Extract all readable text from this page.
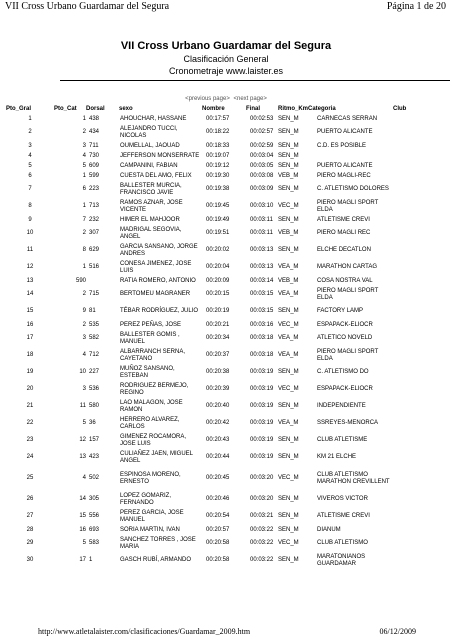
VII Cross Urbano Guardamar del Segura	Página 1 de 20
VII Cross Urbano Guardamar del Segura
Clasificación General
Cronometraje www.laister.es
<previous page> <next page>
Pto_Gral	Pto_Cat	Dorsal	sexo	Nombre	Final	Ritmo_Km	Categoria	Club
1	1	438	AHOUCHAR, HASSANE	00:17:57	00:02:53	SEN_M	CARNECAS SERRAN	
2	2	434	ALEJANDRO TUCCI, NICOLAS	00:18:22	00:02:57	SEN_M	PUERTO ALICANTE	
3	3	711	OUMELLAL, JAOUAD	00:18:33	00:02:59	SEN_M	C.D. ES POSIBLE	
4	4	730	JEFFERSON MONSERRATE	00:19:07	00:03:04	SEN_M		
5	5	609	CAMPANINI, FABIAN	00:19:12	00:03:05	SEN_M	PUERTO ALICANTE	
6	1	599	CUESTA DEL AMO, FELIX	00:19:30	00:03:08	VEB_M	PIERO MAGLI-REC	
7	6	223	BALLESTER MURCIA, FRANCISCO JAVIE	00:19:38	00:03:09	SEN_M	C. ATLETISMO DOLORES	
8	1	713	RAMOS AZNAR, JOSE VICENTE	00:19:45	00:03:10	VEC_M	PIERO MAGLI SPORT ELDA	
9	7	232	HIMER EL MAHJOOR	00:19:49	00:03:11	SEN_M	ATLETISME CREVI	
10	2	307	MADRIGAL SEGOVIA, ANGEL	00:19:51	00:03:11	VEB_M	PIERO MAGLI REC	
11	8	629	GARCIA SANSANO, JORGE ANDRES	00:20:02	00:03:13	SEN_M	ELCHE DECATLON	
12	1	516	CONESA JIMENEZ, JOSE LUIS	00:20:04	00:03:13	VEA_M	MARATHON CARTAG	
13	590		RATIA ROMERO, ANTONIO	00:20:09	00:03:14	VEB_M	COSA NOSTRA VAL	
14	2	715	BERTOMEU MAGRANER	00:20:15	00:03:15	VEA_M	PIERO MAGLI SPORT ELDA	
15	9	81	TÉBAR RODRÍGUEZ, JULIO	00:20:19	00:03:15	SEN_M	FACTORY LAMP	
16	2	535	PEREZ PEÑAS, JOSE	00:20:21	00:03:16	VEC_M	ESPAPACK-ELIOCR	
17	3	582	BALLESTER GOMIS , MANUEL	00:20:34	00:03:18	VEA_M	ATLETICO NOVELD	
18	4	712	ALBARRANCH SERNA, CAYETANO	00:20:37	00:03:18	VEA_M	PIERO MAGLI SPORT ELDA	
19	10	227	MUÑOZ SANSANO, ESTEBAN	00:20:38	00:03:19	SEN_M	C. ATLETISMO DO	
20	3	536	RODRIGUEZ BERMEJO, REGINO	00:20:39	00:03:19	VEC_M	ESPAPACK-ELIOCR	
21	11	580	LAO MALAGON, JOSE RAMON	00:20:40	00:03:19	SEN_M	INDEPENDIENTE	
22	5	36	HERRERO ALVAREZ, CARLOS	00:20:42	00:03:19	VEA_M	SSREYES-MENORCA	
23	12	157	GIMENEZ ROCAMORA, JOSE LUIS	00:20:43	00:03:19	SEN_M	CLUB ATLETISME	
24	13	423	CULIAÑEZ JAEN, MIGUEL ANGEL	00:20:44	00:03:19	SEN_M	KM 21 ELCHE	
25	4	502	ESPINOSA MORENO, ERNESTO	00:20:45	00:03:20	VEC_M	CLUB ATLETISMO MARATHON CREVILLENT	
26	14	305	LOPEZ GOMARIZ, FERNANDO	00:20:46	00:03:20	SEN_M	VIVEROS VICTOR	
27	15	556	PEREZ GARCIA, JOSE MANUEL	00:20:54	00:03:21	SEN_M	ATLETISME CREVI	
28	16	693	SORIA MARTIN, IVAN	00:20:57	00:03:22	SEN_M	DIANUM	
29	5	583	SANCHEZ TORRES , JOSE MARIA	00:20:58	00:03:22	VEC_M	CLUB ATLETISMO	
30	17	1	GASCH RUBÍ, ARMANDO	00:20:58	00:03:22	SEN_M	MARATONIANOS GUARDAMAR	
http://www.atletalaister.com/clasificaciones/Guardamar_2009.htm	06/12/2009
